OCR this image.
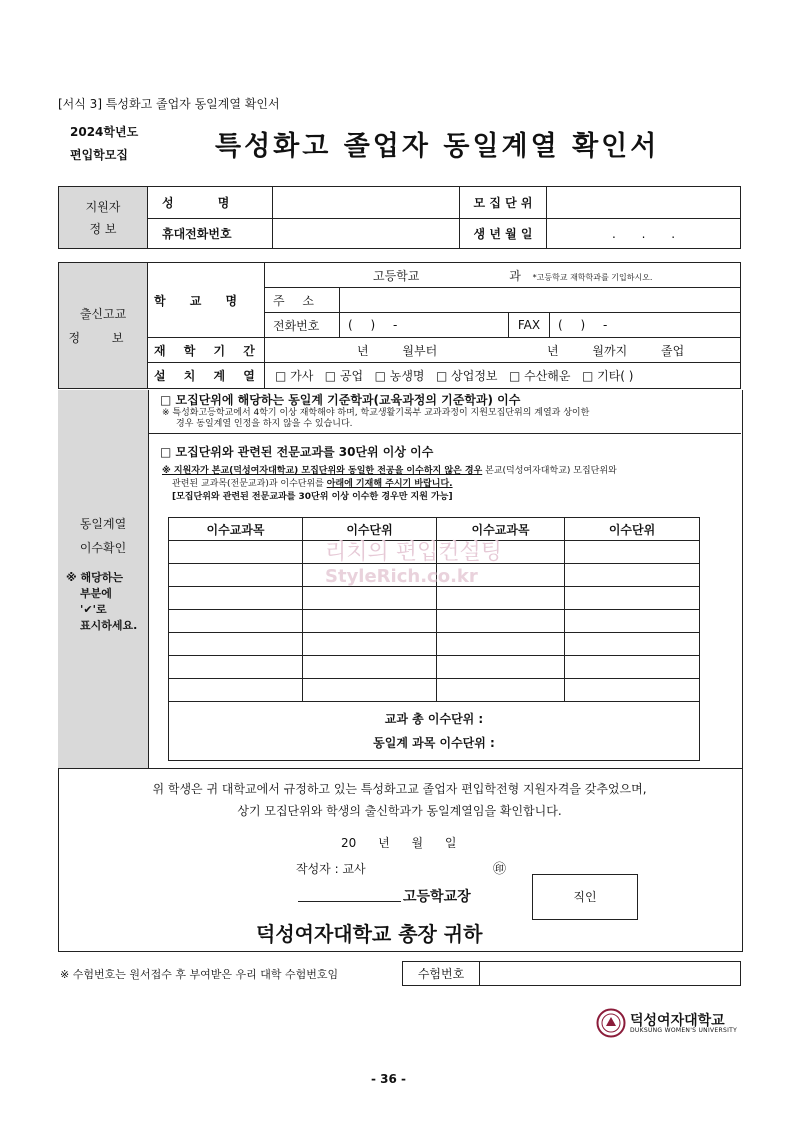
[서식 3] 특성화고 졸업자 동일계열 확인서
2024학년도
편입학모집	특성화고 졸업자 동일계열 확인서
지원자
정 보	성 명		모 집 단 위	
	휴대전화번호		생 년 월 일	. . .
출신고교
정 보	학 교 명	고등학교 과 *고등학교 재학학과를 기입하시오.			
		주 소			
		전화번호	( ) -	FAX	( ) -
	재 학 기 간	년 월부터 년 월까지 졸업			
	설 치 계 열	□ 가사 □ 공업 □ 농생명 □ 상업정보 □ 수산해운 □ 기타( )			
동일계열
이수확인
※ 해당하는
부분에
'✔'로
표시하세요.
□ 모집단위에 해당하는 동일계 기준학과(교육과정의 기준학과) 이수
※ 특성화고등학교에서 4학기 이상 재학해야 하며, 학교생활기록부 교과과정이 지원모집단위의 계열과 상이한
경우 동일계열 인정을 하지 않을 수 있습니다.
□ 모집단위와 관련된 전문교과를 30단위 이상 이수
※ 지원자가 본교(덕성여자대학교) 모집단위와 동일한 전공을 이수하지 않은 경우 본교(덕성여자대학교) 모집단위와
관련된 교과목(전문교과)과 이수단위를 아래에 기재해 주시기 바랍니다.
[모집단위와 관련된 전문교과를 30단위 이상 이수한 경우만 지원 가능]
이수교과목	이수단위	이수교과목	이수단위

교과 총 이수단위 :
동일계 과목 이수단위 :			
리치의 편입컨설팅
StyleRich.co.kr
위 학생은 귀 대학교에서 규정하고 있는 특성화고교 졸업자 편입학전형 지원자격을 갖추었으며,
상기 모집단위와 학생의 출신학과가 동일계열임을 확인합니다.
20 년 월 일
작성자 : 교사	㊞
고등학교장	직인
덕성여자대학교 총장 귀하
※ 수험번호는 원서접수 후 부여받은 우리 대학 수험번호임	수험번호	
덕성여자대학교
DUKSUNG WOMEN'S UNIVERSITY
- 36 -
